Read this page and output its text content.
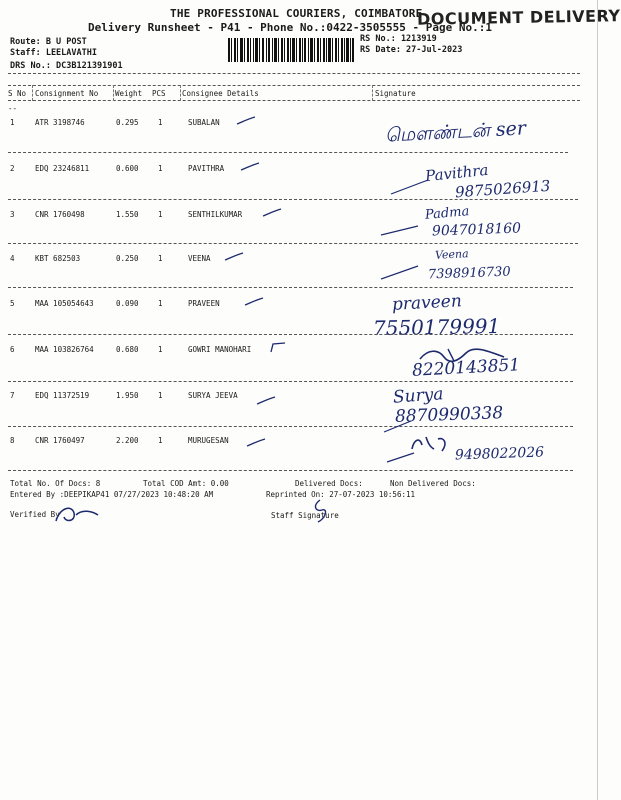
THE PROFESSIONAL COURIERS, COIMBATORE
Delivery Runsheet - P41 - Phone No.:0422-3505555 - Page No.:1
DOCUMENT DELIVERY
Route: B U POST
Staff: LEELAVATHI
DRS No.: DC3B121391901
RS No.: 1213919
RS Date: 27-Jul-2023
S No Consignment No Weight PCS Consignee Details	Signature
--
1	ATR 3198746	0.295	1	SUBALAN	மௌண்டன் ser
2	EDQ 23246811	0.600	1	PAVITHRA	Pavithra
9875026913
3	CNR 1760498	1.550	1	SENTHILKUMAR	Padma
9047018160
4	KBT 682503	0.250	1	VEENA	Veena
7398916730
5	MAA 105054643	0.090	1	PRAVEEN	praveen
7550179991
6	MAA 103826764	0.680	1	GOWRI MANOHARI
8220143851
7	EDQ 11372519	1.950	1	SURYA JEEVA	Surya
8870990338
8	CNR 1760497	2.200	1	MURUGESAN
9498022026
Total No. Of Docs: 8	Total COD Amt: 0.00	Delivered Docs:	Non Delivered Docs:
Entered By :DEEPIKAP41 07/27/2023 10:48:20 AM	Reprinted On: 27-07-2023 10:56:11
Verified By	Staff Signature
